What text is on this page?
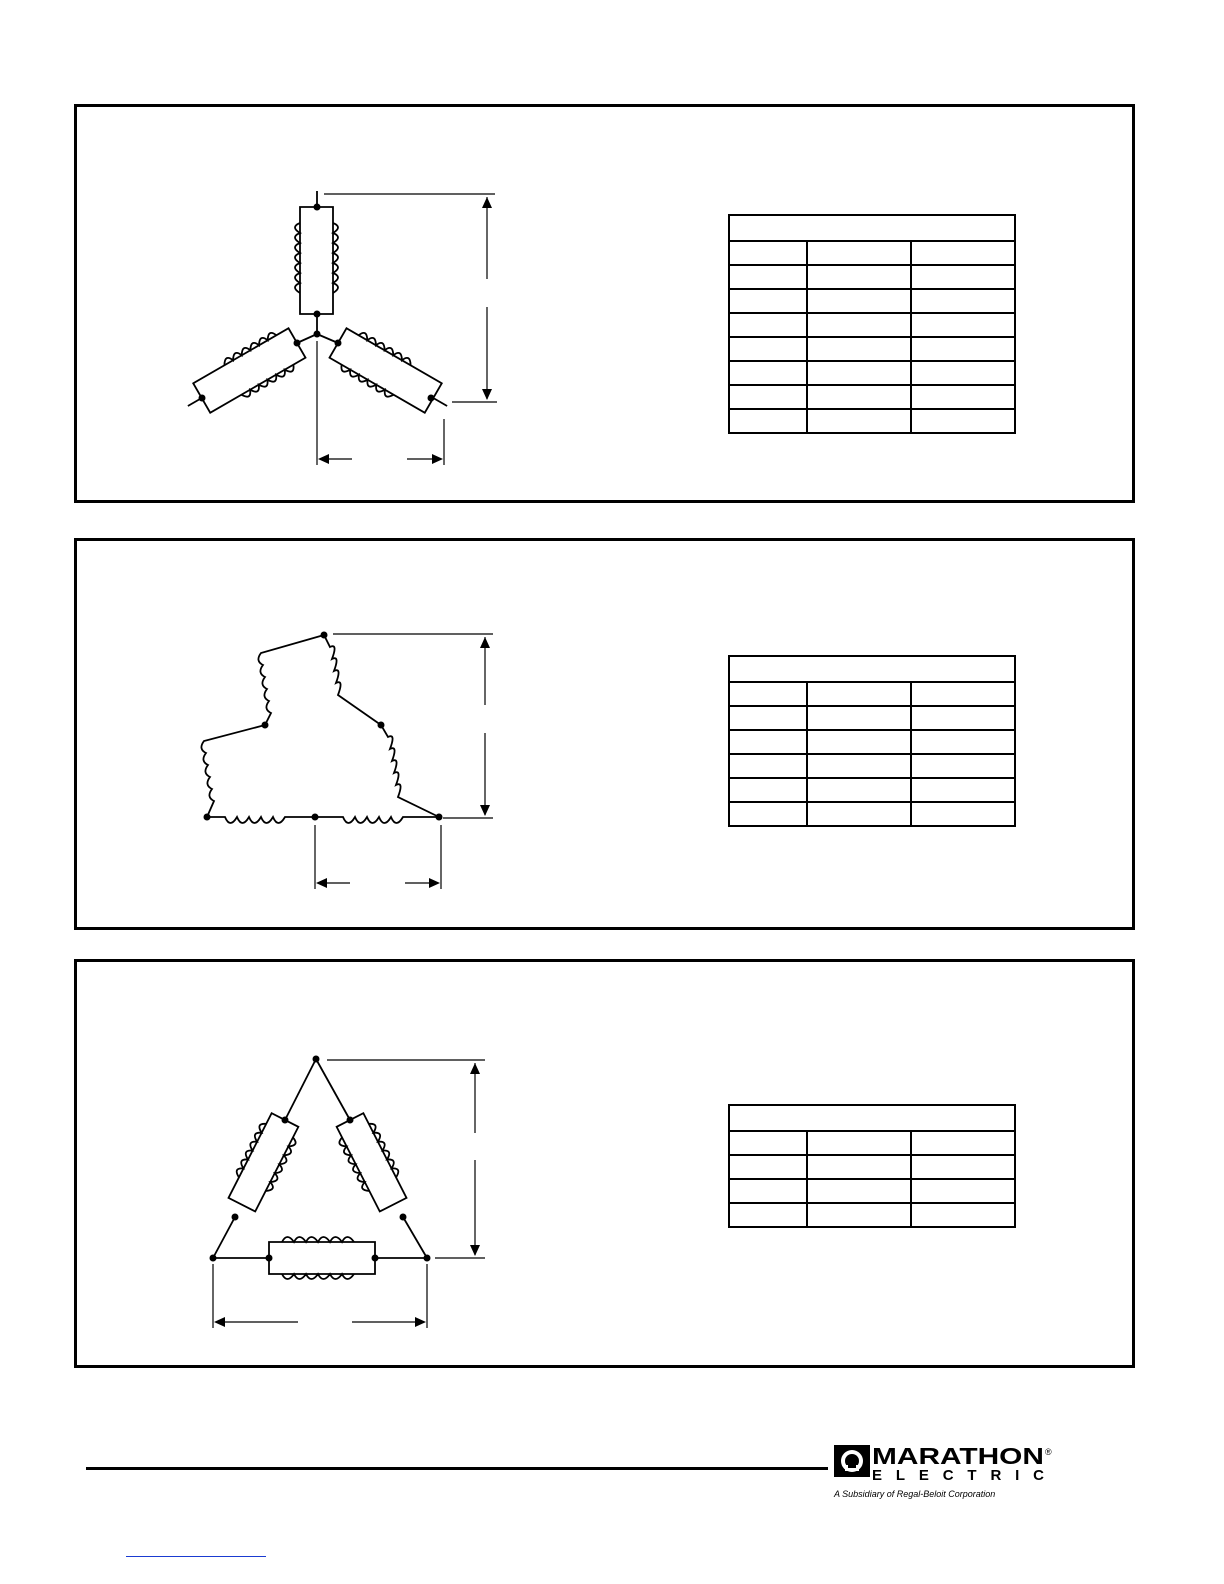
MARATHON ®
ELECTRIC
A Subsidiary of Regal-Beloit Corporation
